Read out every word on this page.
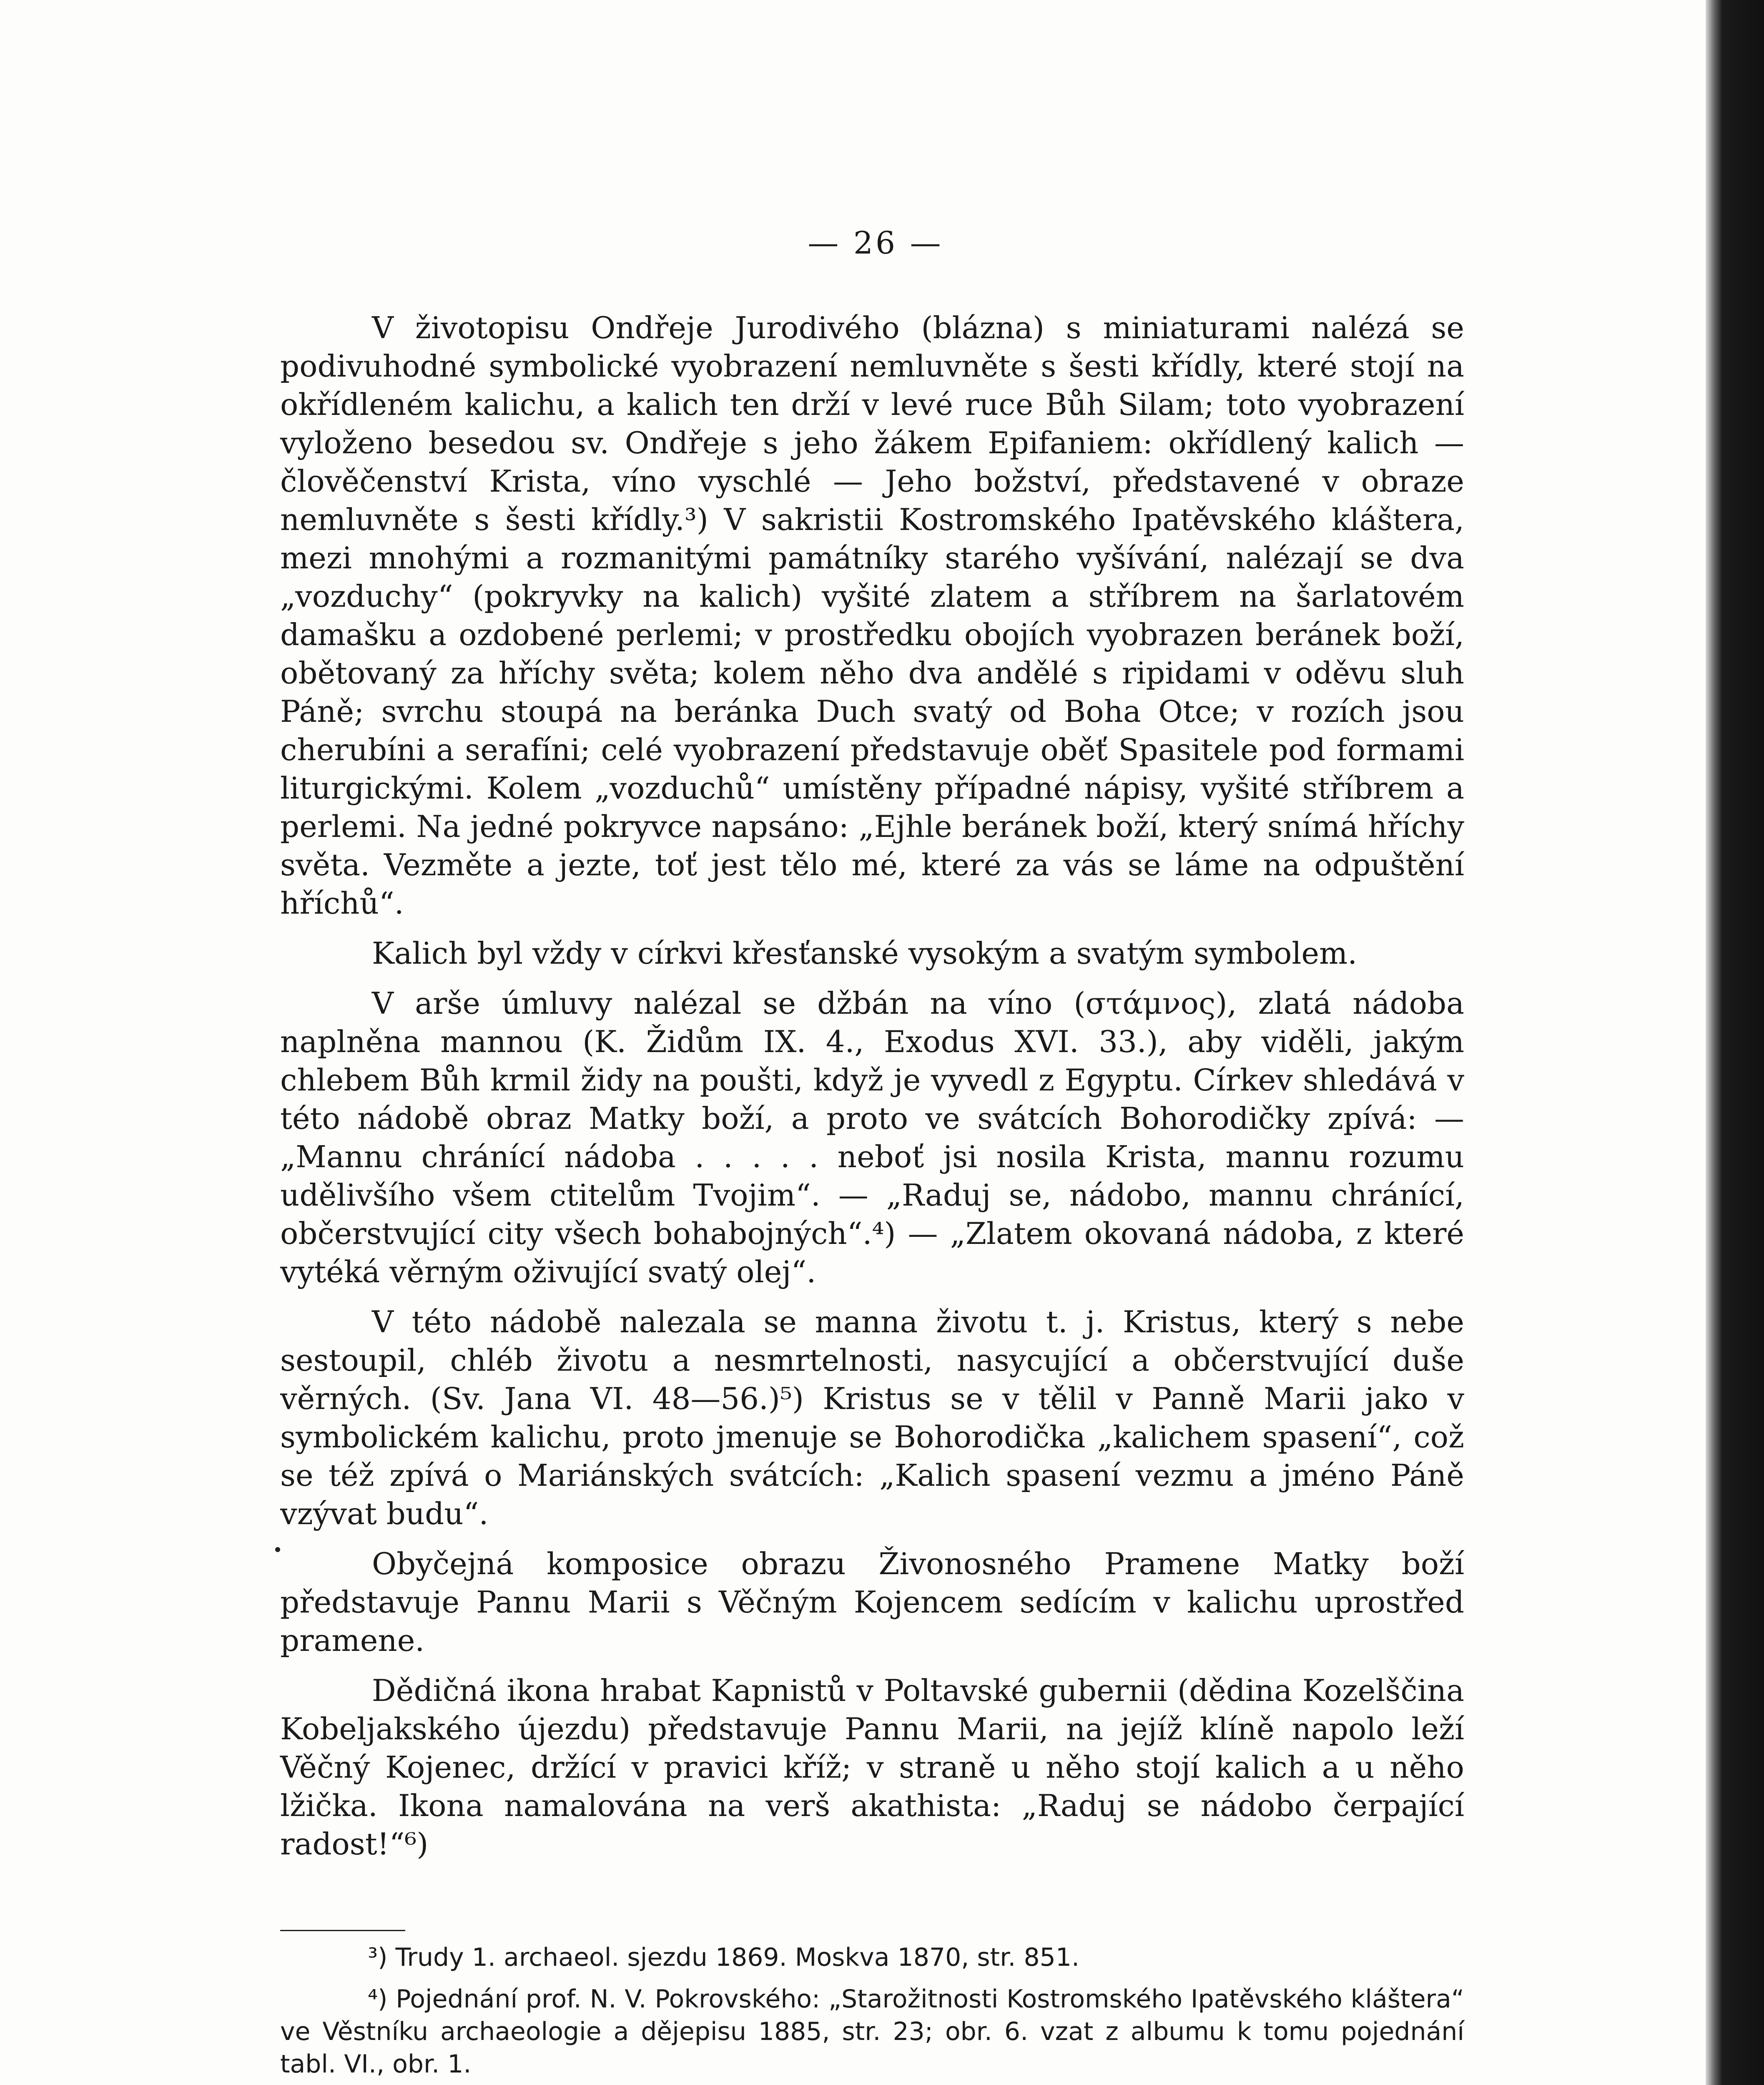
— 26 —

V životopisu Ondřeje Jurodivého (blázna) s miniaturami nalézá se podivuhodné symbolické vyobrazení nemluvněte s šesti křídly, které stojí na okřídleném kalichu, a kalich ten drží v levé ruce Bůh Silam; toto vyobrazení vyloženo besedou sv. Ondřeje s jeho žákem Epifaniem: okřídlený kalich — člověčenství Krista, víno vyschlé — Jeho božství, představené v obraze nemluvněte s šesti křídly.³) V sakristii Kostromského Ipatěvského kláštera, mezi mnohými a rozmanitými památníky starého vyšívání, nalézají se dva „vozduchy“ (pokryvky na kalich) vyšité zlatem a stříbrem na šarlatovém damašku a ozdobené perlemi; v prostředku obojích vyobrazen beránek boží, obětovaný za hříchy světa; kolem něho dva andělé s ripidami v oděvu sluh Páně; svrchu stoupá na beránka Duch svatý od Boha Otce; v rozích jsou cherubíni a serafíni; celé vyobrazení představuje oběť Spasitele pod formami liturgickými. Kolem „vozduchů“ umístěny případné nápisy, vyšité stříbrem a perlemi. Na jedné pokryvce napsáno: „Ejhle beránek boží, který snímá hříchy světa. Vezměte a jezte, toť jest tělo mé, které za vás se láme na odpuštění hříchů“.

Kalich byl vždy v církvi křesťanské vysokým a svatým symbolem.

V arše úmluvy nalézal se džbán na víno (στάμνος), zlatá nádoba naplněna mannou (K. Židům IX. 4., Exodus XVI. 33.), aby viděli, jakým chlebem Bůh krmil židy na poušti, když je vyvedl z Egyptu. Církev shledává v této nádobě obraz Matky boží, a proto ve svátcích Bohorodičky zpívá: — „Mannu chránící nádoba . . . . . neboť jsi nosila Krista, mannu rozumu udělivšího všem ctitelům Tvojim“. — „Raduj se, nádobo, mannu chránící, občerstvující city všech bohabojných“.⁴) — „Zlatem okovaná nádoba, z které vytéká věrným oživující svatý olej“.

V této nádobě nalezala se manna životu t. j. Kristus, který s nebe sestoupil, chléb životu a nesmrtelnosti, nasycující a občerstvující duše věrných. (Sv. Jana VI. 48—56.)⁵) Kristus se v tělil v Panně Marii jako v symbolickém kalichu, proto jmenuje se Bohorodička „kalichem spasení“, což se též zpívá o Mariánských svátcích: „Kalich spasení vezmu a jméno Páně vzývat budu“.

Obyčejná komposice obrazu Živonosného Pramene Matky boží představuje Pannu Marii s Věčným Kojencem sedícím v kalichu uprostřed pramene.

Dědičná ikona hrabat Kapnistů v Poltavské gubernii (dědina Kozelščina Kobeljakského újezdu) představuje Pannu Marii, na jejíž klíně napolo leží Věčný Kojenec, držící v pravici kříž; v straně u něho stojí kalich a u něho lžička. Ikona namalována na verš akathista: „Raduj se nádobo čerpající radost!“⁶)

³) Trudy 1. archaeol. sjezdu 1869. Moskva 1870, str. 851.

⁴) Pojednání prof. N. V. Pokrovského: „Starožitnosti Kostromského Ipatěvského kláštera“ ve Věstníku archaeologie a dějepisu 1885, str. 23; obr. 6. vzat z albumu k tomu pojednání tabl. VI., obr. 1.
